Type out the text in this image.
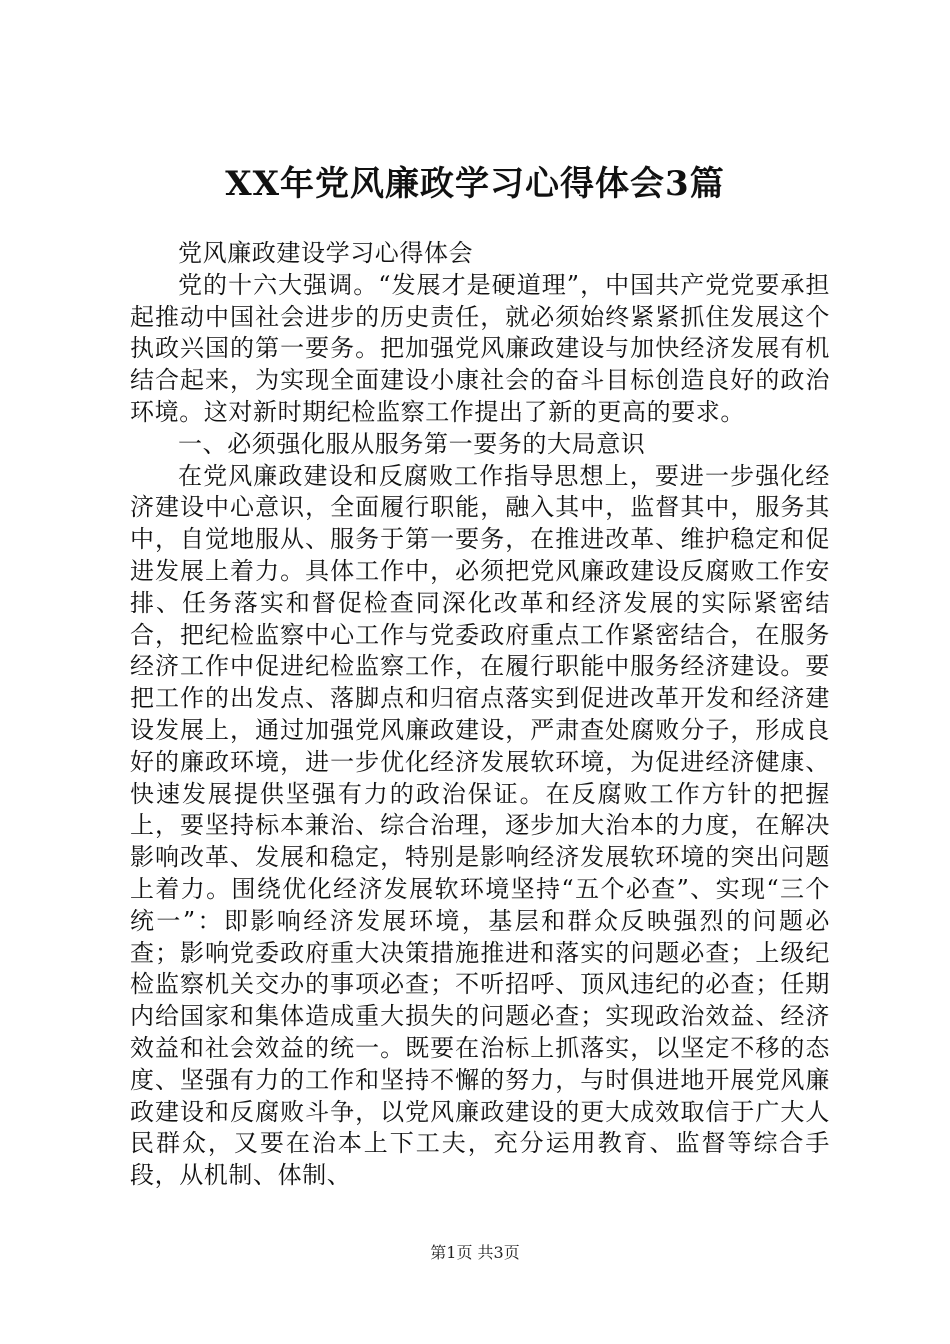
XX年党风廉政学习心得体会3篇

党风廉政建设学习心得体会

党的十六大强调。“发展才是硬道理”，中国共产党党要承担起推动中国社会进步的历史责任，就必须始终紧紧抓住发展这个执政兴国的第一要务。把加强党风廉政建设与加快经济发展有机结合起来，为实现全面建设小康社会的奋斗目标创造良好的政治环境。这对新时期纪检监察工作提出了新的更高的要求。

一、必须强化服从服务第一要务的大局意识

在党风廉政建设和反腐败工作指导思想上，要进一步强化经济建设中心意识，全面履行职能，融入其中，监督其中，服务其中，自觉地服从、服务于第一要务，在推进改革、维护稳定和促进发展上着力。具体工作中，必须把党风廉政建设反腐败工作安排、任务落实和督促检查同深化改革和经济发展的实际紧密结合，把纪检监察中心工作与党委政府重点工作紧密结合，在服务经济工作中促进纪检监察工作，在履行职能中服务经济建设。要把工作的出发点、落脚点和归宿点落实到促进改革开发和经济建设发展上，通过加强党风廉政建设，严肃查处腐败分子，形成良好的廉政环境，进一步优化经济发展软环境，为促进经济健康、快速发展提供坚强有力的政治保证。在反腐败工作方针的把握上，要坚持标本兼治、综合治理，逐步加大治本的力度，在解决影响改革、发展和稳定，特别是影响经济发展软环境的突出问题上着力。围绕优化经济发展软环境坚持“五个必查”、实现“三个统一”：即影响经济发展环境，基层和群众反映强烈的问题必查；影响党委政府重大决策措施推进和落实的问题必查；上级纪检监察机关交办的事项必查；不听招呼、顶风违纪的必查；任期内给国家和集体造成重大损失的问题必查；实现政治效益、经济效益和社会效益的统一。既要在治标上抓落实，以坚定不移的态度、坚强有力的工作和坚持不懈的努力，与时俱进地开展党风廉政建设和反腐败斗争，以党风廉政建设的更大成效取信于广大人民群众，又要在治本上下工夫，充分运用教育、监督等综合手段，从机制、体制、

第1页 共3页
